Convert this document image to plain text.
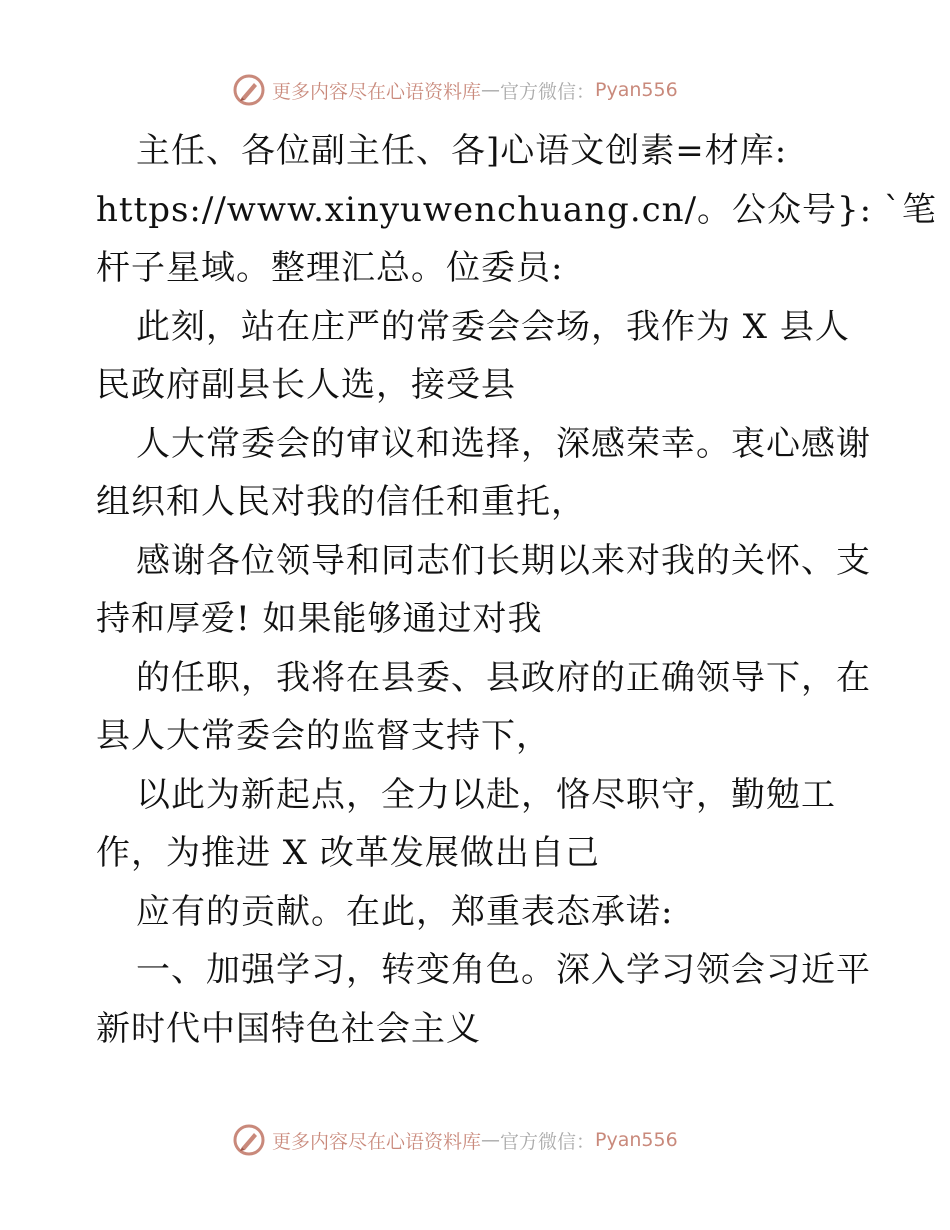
更多内容尽在心语资料库 — 官方微信： Pyan556
主任、各位副主任、各]心语文创素=材库:
https://www.xinyuwenchuang.cn/。公众号}: `笔
杆子星域。整理汇总。位委员:
此刻，站在庄严的常委会会场，我作为 X 县人
民政府副县长人选，接受县
人大常委会的审议和选择，深感荣幸。衷心感谢
组织和人民对我的信任和重托，
感谢各位领导和同志们长期以来对我的关怀、支
持和厚爱! 如果能够通过对我
的任职，我将在县委、县政府的正确领导下，在
县人大常委会的监督支持下，
以此为新起点，全力以赴，恪尽职守，勤勉工
作，为推进 X 改革发展做出自己
应有的贡献。在此，郑重表态承诺:
一、加强学习，转变角色。深入学习领会习近平
新时代中国特色社会主义
更多内容尽在心语资料库 — 官方微信： Pyan556
